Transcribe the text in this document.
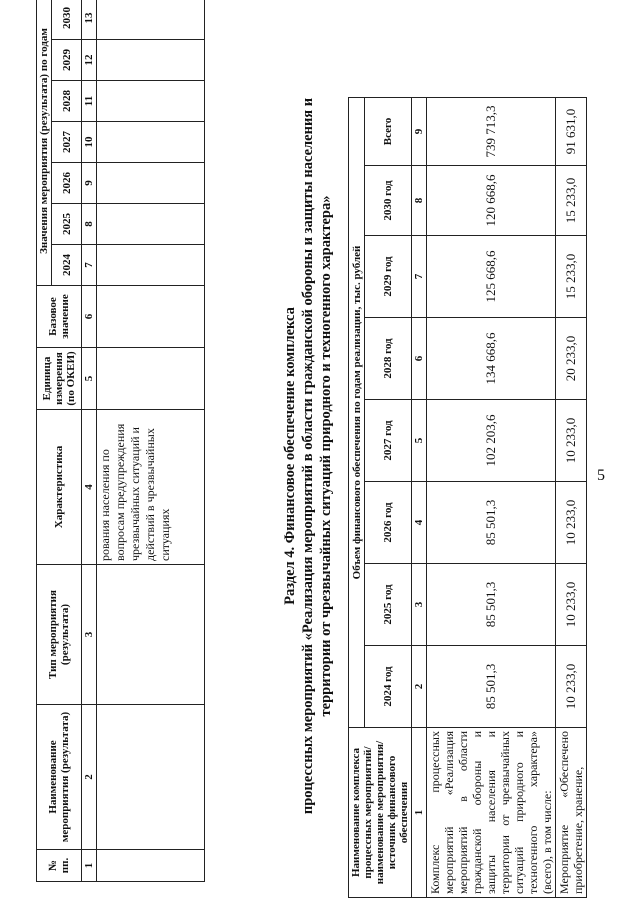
5
№ пп.	Наименование мероприятия (результата)	Тип мероприятия (результата)	Характеристика	Единица измерения (по ОКЕИ)	Базовое значение	Значения мероприятия (результата) по годам						
						2024	2025	2026	2027	2028	2029	2030
1	2	3	4	5	6	7	8	9	10	11	12	13
			рования населения по вопросам предупреждения чрезвычайных ситуаций и действий в чрезвычайных ситуациях										Раздел 4. Финансовое обеспечение комплекса процессных мероприятий «Реализация мероприятий в области гражданской обороны и защиты населения и территории от чрезвычайных ситуаций природного и техногенного характера»
Наименование комплекса процессных мероприятий/наименование мероприятия/источник финансового обеспечения	Объем финансового обеспечения по годам реализации, тыс. рублей							
	2024 год	2025 год	2026 год	2027 год	2028 год	2029 год	2030 год	Всего
1	2	3	4	5	6	7	8	9
Комплекс процессных мероприятий «Реализация мероприятий в области гражданской обороны и защиты населения и территории от чрезвычайных ситуаций природного и техногенного характера» (всего), в том числе:	85 501,3	85 501,3	85 501,3	102 203,6	134 668,6	125 668,6	120 668,6	739 713,3
Мероприятие «Обеспечено приобретение, хранение,	10 233,0	10 233,0	10 233,0	10 233,0	20 233,0	15 233,0	15 233,0	91 631,0
